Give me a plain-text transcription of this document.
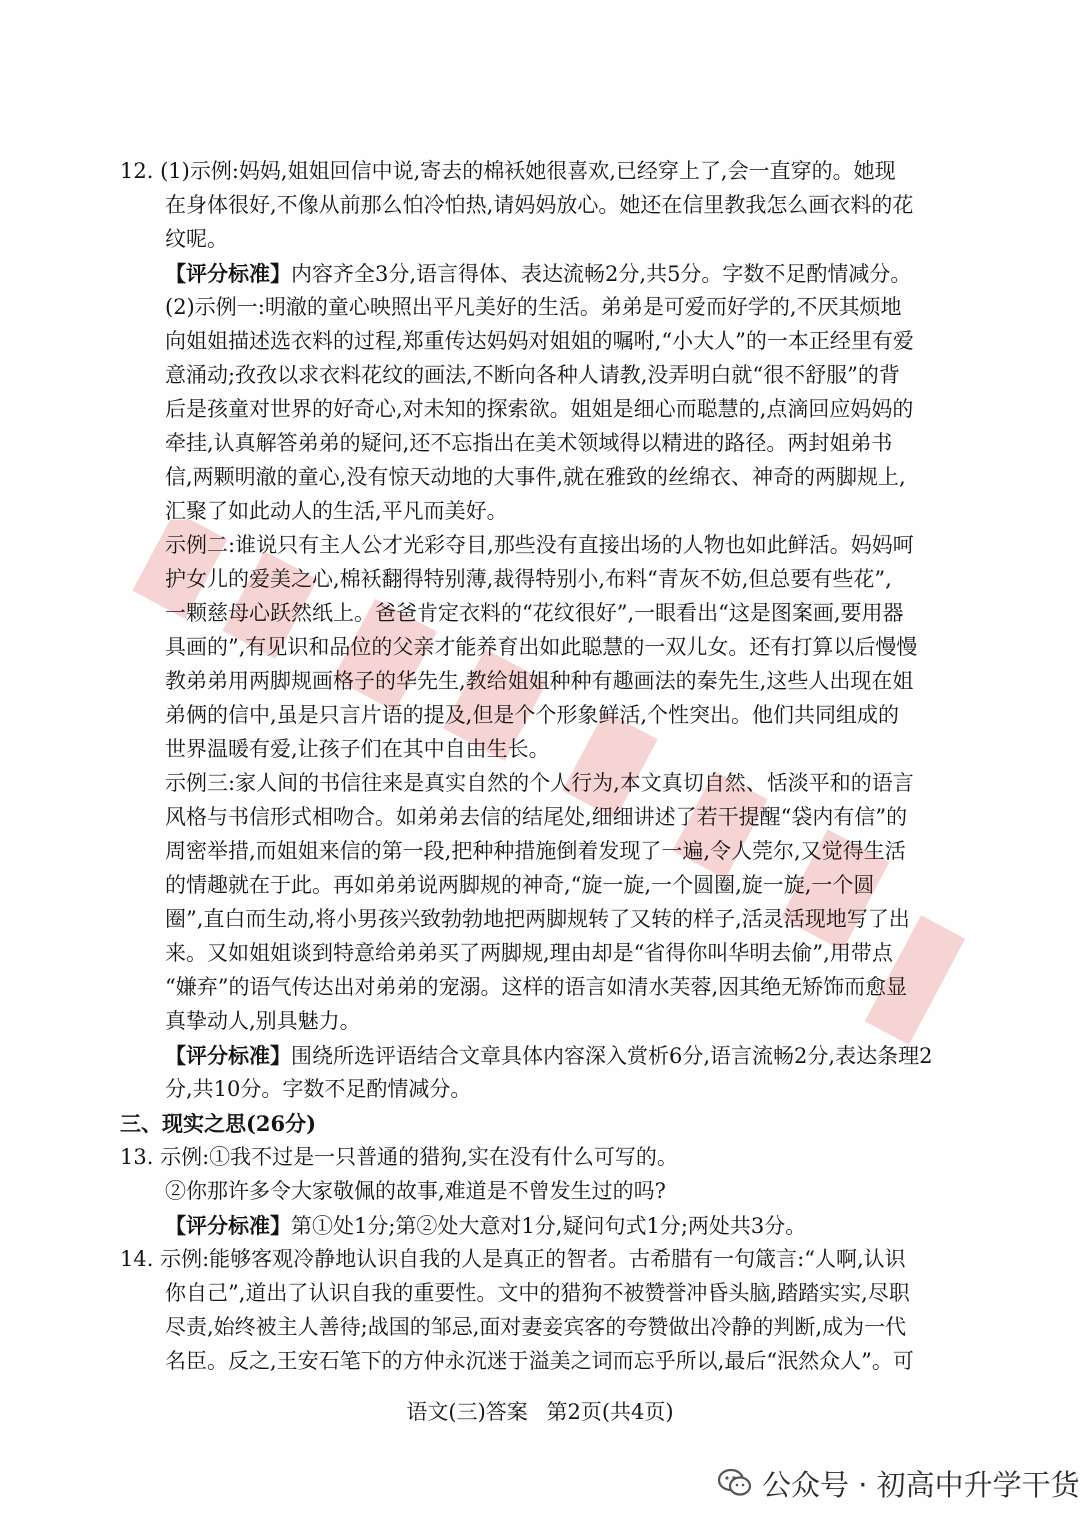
12. (1)示例:妈妈,姐姐回信中说,寄去的棉袄她很喜欢,已经穿上了,会一直穿的。她现

在身体很好,不像从前那么怕冷怕热,请妈妈放心。她还在信里教我怎么画衣料的花

纹呢。

【评分标准】内容齐全3分,语言得体、表达流畅2分,共5分。字数不足酌情减分。

(2)示例一:明澈的童心映照出平凡美好的生活。弟弟是可爱而好学的,不厌其烦地

向姐姐描述选衣料的过程,郑重传达妈妈对姐姐的嘱咐,“小大人”的一本正经里有爱

意涌动;孜孜以求衣料花纹的画法,不断向各种人请教,没弄明白就“很不舒服”的背

后是孩童对世界的好奇心,对未知的探索欲。姐姐是细心而聪慧的,点滴回应妈妈的

牵挂,认真解答弟弟的疑问,还不忘指出在美术领域得以精进的路径。两封姐弟书

信,两颗明澈的童心,没有惊天动地的大事件,就在雅致的丝绵衣、神奇的两脚规上,

汇聚了如此动人的生活,平凡而美好。

示例二:谁说只有主人公才光彩夺目,那些没有直接出场的人物也如此鲜活。妈妈呵

护女儿的爱美之心,棉袄翻得特别薄,裁得特别小,布料“青灰不妨,但总要有些花”,

一颗慈母心跃然纸上。爸爸肯定衣料的“花纹很好”,一眼看出“这是图案画,要用器

具画的”,有见识和品位的父亲才能养育出如此聪慧的一双儿女。还有打算以后慢慢

教弟弟用两脚规画格子的华先生,教给姐姐种种有趣画法的秦先生,这些人出现在姐

弟俩的信中,虽是只言片语的提及,但是个个形象鲜活,个性突出。他们共同组成的

世界温暖有爱,让孩子们在其中自由生长。

示例三:家人间的书信往来是真实自然的个人行为,本文真切自然、恬淡平和的语言

风格与书信形式相吻合。如弟弟去信的结尾处,细细讲述了若干提醒“袋内有信”的

周密举措,而姐姐来信的第一段,把种种措施倒着发现了一遍,令人莞尔,又觉得生活

的情趣就在于此。再如弟弟说两脚规的神奇,“旋一旋,一个圆圈,旋一旋,一个圆

圈”,直白而生动,将小男孩兴致勃勃地把两脚规转了又转的样子,活灵活现地写了出

来。又如姐姐谈到特意给弟弟买了两脚规,理由却是“省得你叫华明去偷”,用带点

“嫌弃”的语气传达出对弟弟的宠溺。这样的语言如清水芙蓉,因其绝无矫饰而愈显

真挚动人,别具魅力。

【评分标准】围绕所选评语结合文章具体内容深入赏析6分,语言流畅2分,表达条理2

分,共10分。字数不足酌情减分。

三、现实之思(26分)

13. 示例:①我不过是一只普通的猎狗,实在没有什么可写的。

②你那许多令大家敬佩的故事,难道是不曾发生过的吗?

【评分标准】第①处1分;第②处大意对1分,疑问句式1分;两处共3分。

14. 示例:能够客观冷静地认识自我的人是真正的智者。古希腊有一句箴言:“人啊,认识

你自己”,道出了认识自我的重要性。文中的猎狗不被赞誉冲昏头脑,踏踏实实,尽职

尽责,始终被主人善待;战国的邹忌,面对妻妾宾客的夸赞做出冷静的判断,成为一代

名臣。反之,王安石笔下的方仲永沉迷于溢美之词而忘乎所以,最后“泯然众人”。可

语文(三)答案 第2页(共4页)

公众号 · 初高中升学干货
